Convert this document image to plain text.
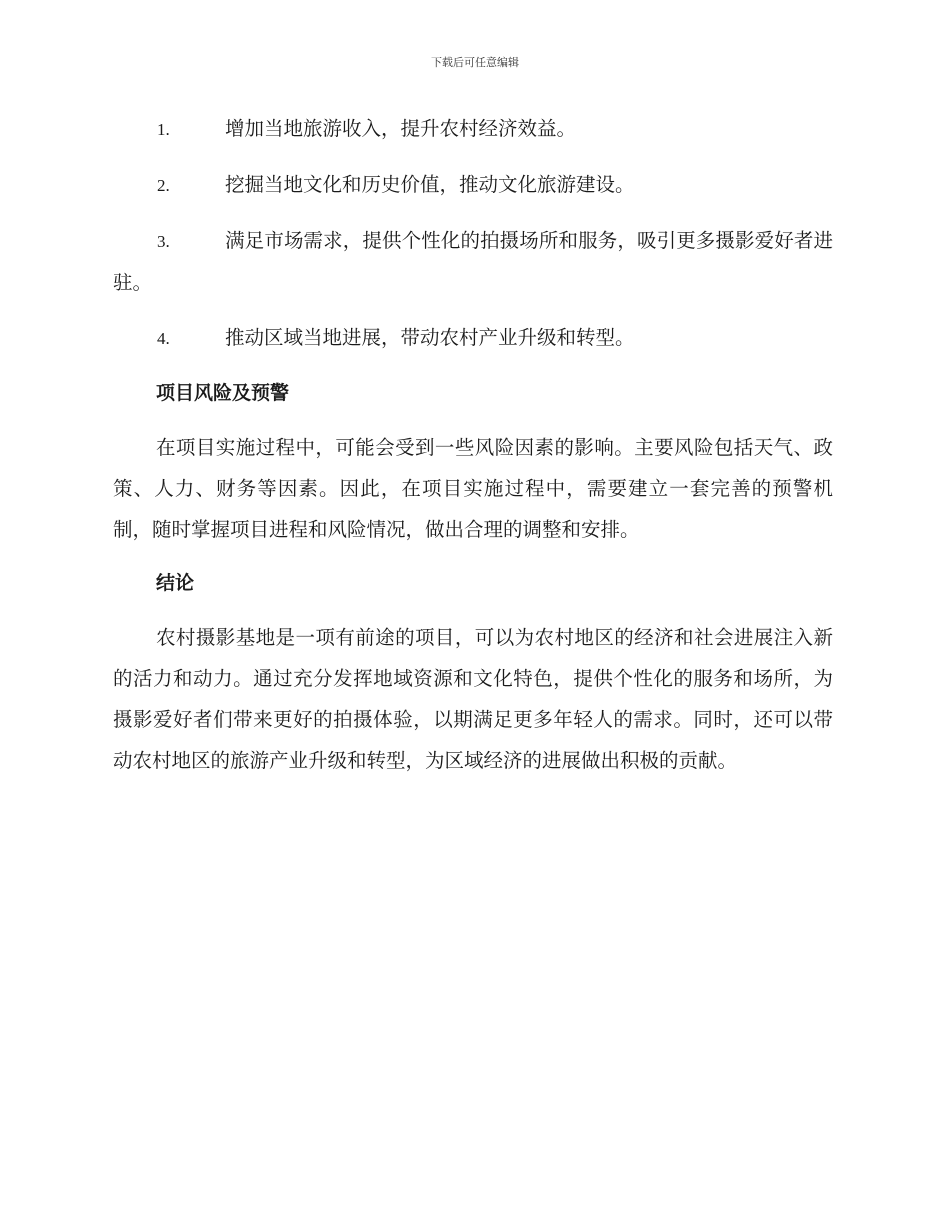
下载后可任意编辑
1.	增加当地旅游收入，提升农村经济效益。
2.	挖掘当地文化和历史价值，推动文化旅游建设。
3.	满足市场需求，提供个性化的拍摄场所和服务，吸引更多摄影爱好者进驻。
4.	推动区域当地进展，带动农村产业升级和转型。
项目风险及预警
在项目实施过程中，可能会受到一些风险因素的影响。主要风险包括天气、政策、人力、财务等因素。因此，在项目实施过程中，需要建立一套完善的预警机制，随时掌握项目进程和风险情况，做出合理的调整和安排。
结论
农村摄影基地是一项有前途的项目，可以为农村地区的经济和社会进展注入新的活力和动力。通过充分发挥地域资源和文化特色，提供个性化的服务和场所，为摄影爱好者们带来更好的拍摄体验，以期满足更多年轻人的需求。同时，还可以带动农村地区的旅游产业升级和转型，为区域经济的进展做出积极的贡献。
